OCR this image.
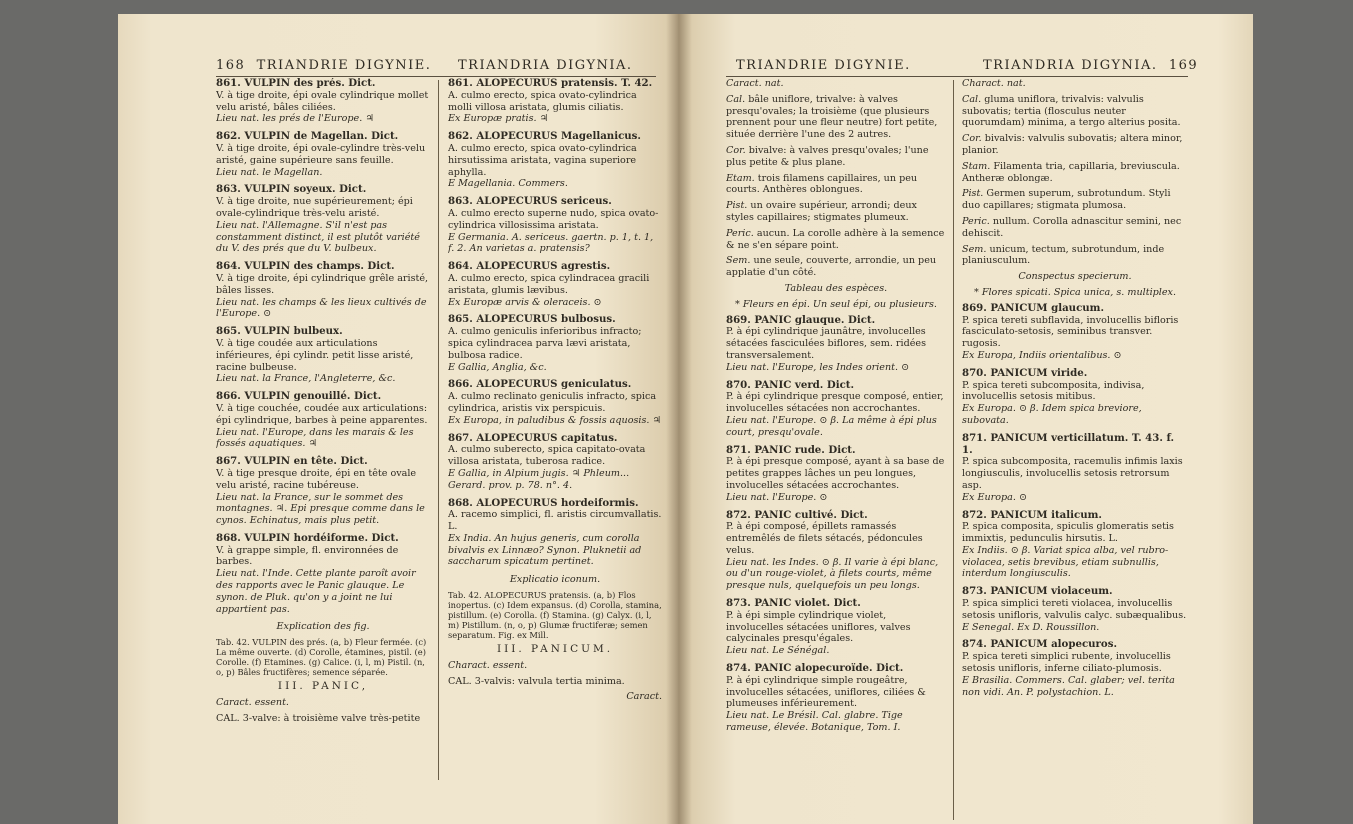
168 TRIANDRIE DIGYNIE. TRIANDRIA DIGYNIA.
861. VULPIN des prés. Dict.
V. à tige droite, épi ovale cylindrique mollet velu aristé, bâles ciliées.
Lieu nat. les prés de l'Europe. ♃
862. VULPIN de Magellan. Dict.
V. à tige droite, épi ovale-cylindre très-velu aristé, gaine supérieure sans feuille.
Lieu nat. le Magellan.
863. VULPIN soyeux. Dict.
V. à tige droite, nue supérieurement; épi ovale-cylindrique très-velu aristé.
Lieu nat. l'Allemagne. S'il n'est pas constamment distinct, il est plutôt variété du V. des prés que du V. bulbeux.
864. VULPIN des champs. Dict.
V. à tige droite, épi cylindrique grêle aristé, bâles lisses.
Lieu nat. les champs & les lieux cultivés de l'Europe. ⊙
865. VULPIN bulbeux.
V. à tige coudée aux articulations inférieures, épi cylindr. petit lisse aristé, racine bulbeuse.
Lieu nat. la France, l'Angleterre, &c.
866. VULPIN genouillé. Dict.
V. à tige couchée, coudée aux articulations: épi cylindrique, barbes à peine apparentes.
Lieu nat. l'Europe, dans les marais & les fossés aquatiques. ♃
867. VULPIN en tête. Dict.
V. à tige presque droite, épi en tête ovale velu aristé, racine tubéreuse.
Lieu nat. la France, sur le sommet des montagnes. ♃. Epi presque comme dans le cynos. Echinatus, mais plus petit.
868. VULPIN hordéiforme. Dict.
V. à grappe simple, fl. environnées de barbes.
Lieu nat. l'Inde. Cette plante paroît avoir des rapports avec le Panic glauque. Le synon. de Pluk. qu'on y a joint ne lui appartient pas.

Explication des fig.

Tab. 42. VULPIN des prés. (a, b) Fleur fermée. (c) La même ouverte. (d) Corolle, étamines, pistil. (e) Corolle. (f) Etamines. (g) Calice. (i, l, m) Pistil. (n, o, p) Bâles fructifères; semence séparée.

III. PANIC,

Caract. essent.

CAL. 3-valve: à troisième valve très-petite

861. ALOPECURUS pratensis. T. 42.
A. culmo erecto, spica ovato-cylindrica molli villosa aristata, glumis ciliatis.
Ex Europæ pratis. ♃
862. ALOPECURUS Magellanicus.
A. culmo erecto, spica ovato-cylindrica hirsutissima aristata, vagina superiore aphylla.
E Magellania. Commers.
863. ALOPECURUS sericeus.
A. culmo erecto superne nudo, spica ovato-cylindrica villosissima aristata.
E Germania. A. sericeus. gaertn. p. 1, t. 1, f. 2. An varietas a. pratensis?
864. ALOPECURUS agrestis.
A. culmo erecto, spica cylindracea gracili aristata, glumis lævibus.
Ex Europæ arvis & oleraceis. ⊙
865. ALOPECURUS bulbosus.
A. culmo geniculis inferioribus infracto; spica cylindracea parva lævi aristata, bulbosa radice.
E Gallia, Anglia, &c.
866. ALOPECURUS geniculatus.
A. culmo reclinato geniculis infracto, spica cylindrica, aristis vix perspicuis.
Ex Europa, in paludibus & fossis aquosis. ♃
867. ALOPECURUS capitatus.
A. culmo suberecto, spica capitato-ovata villosa aristata, tuberosa radice.
E Gallia, in Alpium jugis. ♃ Phleum... Gerard. prov. p. 78. n°. 4.
868. ALOPECURUS hordeiformis.
A. racemo simplici, fl. aristis circumvallatis. L.
Ex India. An hujus generis, cum corolla bivalvis ex Linnæo? Synon. Pluknetii ad saccharum spicatum pertinet.

Explicatio iconum.

Tab. 42. ALOPECURUS pratensis. (a, b) Flos inopertus. (c) Idem expansus. (d) Corolla, stamina, pistillum. (e) Corolla. (f) Stamina. (g) Calyx. (i, l, m) Pistillum. (n, o, p) Glumæ fructiferæ; semen separatum. Fig. ex Mill.

III. PANICUM.

Charact. essent.

CAL. 3-valvis: valvula tertia minima.

Caract.

TRIANDRIE DIGYNIE.	TRIANDRIA DIGYNIA. 169

Caract. nat.

Cal. bâle uniflore, trivalve: à valves presqu'ovales; la troisième (que plusieurs prennent pour une fleur neutre) fort petite, située derrière l'une des 2 autres.

Cor. bivalve: à valves presqu'ovales; l'une plus petite & plus plane.

Etam. trois filamens capillaires, un peu courts. Anthères oblongues.

Pist. un ovaire supérieur, arrondi; deux styles capillaires; stigmates plumeux.

Peric. aucun. La corolle adhère à la semence & ne s'en sépare point.

Sem. une seule, couverte, arrondie, un peu applatie d'un côté.

Tableau des espèces.

* Fleurs en épi. Un seul épi, ou plusieurs.

869. PANIC glauque. Dict.
P. à épi cylindrique jaunâtre, involucelles sétacées fasciculées biflores, sem. ridées transversalement.
Lieu nat. l'Europe, les Indes orient. ⊙
870. PANIC verd. Dict.
P. à épi cylindrique presque composé, entier, involucelles sétacées non accrochantes.
Lieu nat. l'Europe. ⊙ β. La même à épi plus court, presqu'ovale.
871. PANIC rude. Dict.
P. à épi presque composé, ayant à sa base de petites grappes lâches un peu longues, involucelles sétacées accrochantes.
Lieu nat. l'Europe. ⊙
872. PANIC cultivé. Dict.
P. à épi composé, épillets ramassés entremêlés de filets sétacés, pédoncules velus.
Lieu nat. les Indes. ⊙ β. Il varie à épi blanc, ou d'un rouge-violet, à filets courts, même presque nuls, quelquefois un peu longs.
873. PANIC violet. Dict.
P. à épi simple cylindrique violet, involucelles sétacées uniflores, valves calycinales presqu'égales.
Lieu nat. Le Sénégal.
874. PANIC alopecuroïde. Dict.
P. à épi cylindrique simple rougeâtre, involucelles sétacées, uniflores, ciliées & plumeuses inférieurement.
Lieu nat. Le Brésil. Cal. glabre. Tige rameuse, élevée. Botanique, Tom. I.

Charact. nat.

Cal. gluma uniflora, trivalvis: valvulis subovatis; tertia (flosculus neuter quorumdam) minima, a tergo alterius posita.

Cor. bivalvis: valvulis subovatis; altera minor, planior.

Stam. Filamenta tria, capillaria, breviuscula. Antheræ oblongæ.

Pist. Germen superum, subrotundum. Styli duo capillares; stigmata plumosa.

Peric. nullum. Corolla adnascitur semini, nec dehiscit.

Sem. unicum, tectum, subrotundum, inde planiusculum.

Conspectus specierum.

* Flores spicati. Spica unica, s. multiplex.

869. PANICUM glaucum.
P. spica tereti subflavida, involucellis bifloris fasciculato-setosis, seminibus transver. rugosis.
Ex Europa, Indiis orientalibus. ⊙
870. PANICUM viride.
P. spica tereti subcomposita, indivisa, involucellis setosis mitibus.
Ex Europa. ⊙ β. Idem spica breviore, subovata.
871. PANICUM verticillatum. T. 43. f. 1.
P. spica subcomposita, racemulis infimis laxis longiusculis, involucellis setosis retrorsum asp.
Ex Europa. ⊙
872. PANICUM italicum.
P. spica composita, spiculis glomeratis setis immixtis, pedunculis hirsutis. L.
Ex Indiis. ⊙ β. Variat spica alba, vel rubro-violacea, setis brevibus, etiam subnullis, interdum longiusculis.
873. PANICUM violaceum.
P. spica simplici tereti violacea, involucellis setosis unifloris, valvulis calyc. subæqualibus.
E Senegal. Ex D. Roussillon.
874. PANICUM alopecuros.
P. spica tereti simplici rubente, involucellis setosis unifloris, inferne ciliato-plumosis.
E Brasilia. Commers. Cal. glaber; vel. terita non vidi. An. P. polystachion. L.
